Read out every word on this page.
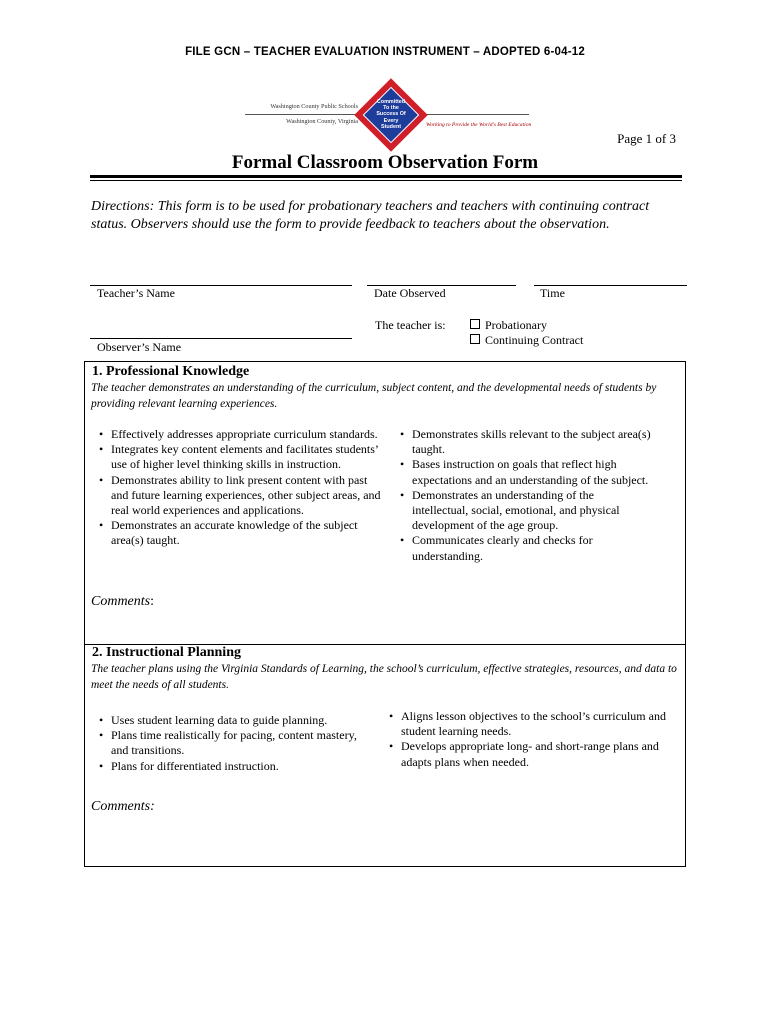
FILE GCN – TEACHER EVALUATION INSTRUMENT – ADOPTED 6-04-12
Washington County Public Schools
Washington County, Virginia
Committed
To the
Success Of
Every
Student	Working to Provide the World's Best Education
Page 1 of 3
Formal Classroom Observation Form
Directions: This form is to be used for probationary teachers and teachers with continuing contract status. Observers should use the form to provide feedback to teachers about the observation.
Teacher’s Name	Date Observed	Time
The teacher is:	Probationary
Continuing Contract
Observer’s Name
1. Professional Knowledge
The teacher demonstrates an understanding of the curriculum, subject content, and the developmental needs of students by providing relevant learning experiences.
• Effectively addresses appropriate curriculum standards.
• Integrates key content elements and facilitates students’ use of higher level thinking skills in instruction.
• Demonstrates ability to link present content with past and future learning experiences, other subject areas, and real world experiences and applications.
• Demonstrates an accurate knowledge of the subject area(s) taught.
• Demonstrates skills relevant to the subject area(s) taught.
• Bases instruction on goals that reflect high expectations and an understanding of the subject.
• Demonstrates an understanding of the intellectual, social, emotional, and physical development of the age group.
• Communicates clearly and checks for understanding.
Comments:
2. Instructional Planning
The teacher plans using the Virginia Standards of Learning, the school’s curriculum, effective strategies, resources, and data to meet the needs of all students.
• Uses student learning data to guide planning.
• Plans time realistically for pacing, content mastery, and transitions.
• Plans for differentiated instruction.
• Aligns lesson objectives to the school’s curriculum and student learning needs.
• Develops appropriate long- and short-range plans and adapts plans when needed.
Comments:
